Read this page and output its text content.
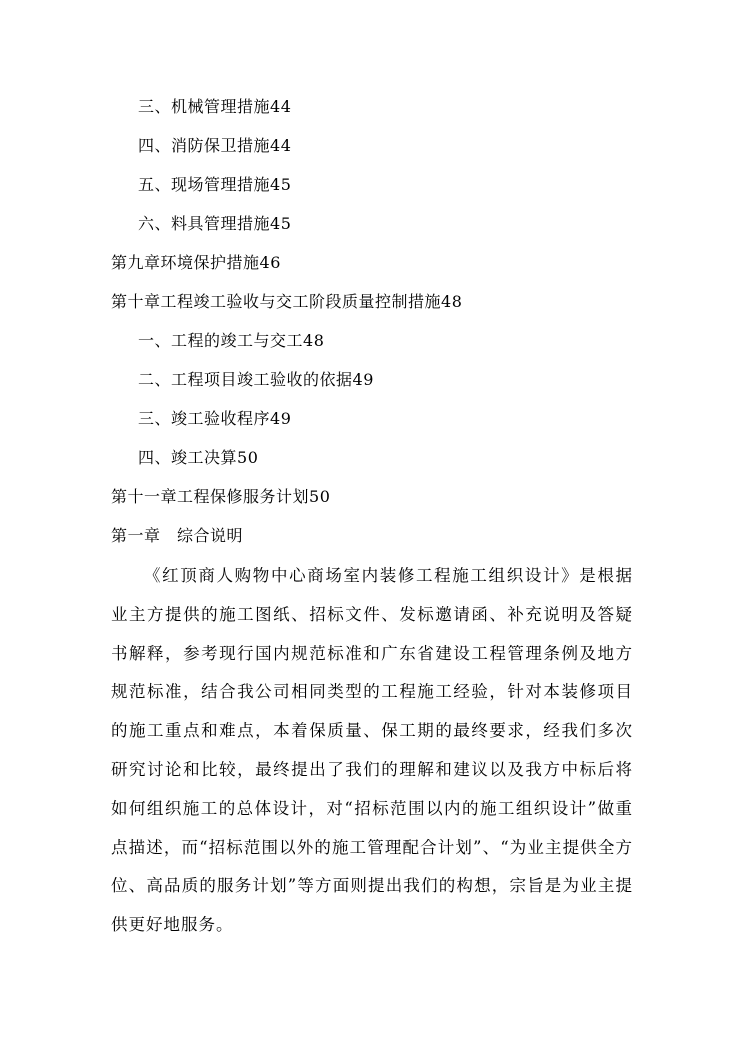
三、机械管理措施44
四、消防保卫措施44
五、现场管理措施45
六、料具管理措施45
第九章环境保护措施46
第十章工程竣工验收与交工阶段质量控制措施48
一、工程的竣工与交工48
二、工程项目竣工验收的依据49
三、竣工验收程序49
四、竣工决算50
第十一章工程保修服务计划50
第一章　综合说明

《红顶商人购物中心商场室内装修工程施工组织设计》是根据业主方提供的施工图纸、招标文件、发标邀请函、补充说明及答疑书解释，参考现行国内规范标准和广东省建设工程管理条例及地方规范标准，结合我公司相同类型的工程施工经验，针对本装修项目的施工重点和难点，本着保质量、保工期的最终要求，经我们多次研究讨论和比较，最终提出了我们的理解和建议以及我方中标后将如何组织施工的总体设计，对“招标范围以内的施工组织设计”做重点描述，而“招标范围以外的施工管理配合计划”、“为业主提供全方位、高品质的服务计划”等方面则提出我们的构想，宗旨是为业主提供更好地服务。
